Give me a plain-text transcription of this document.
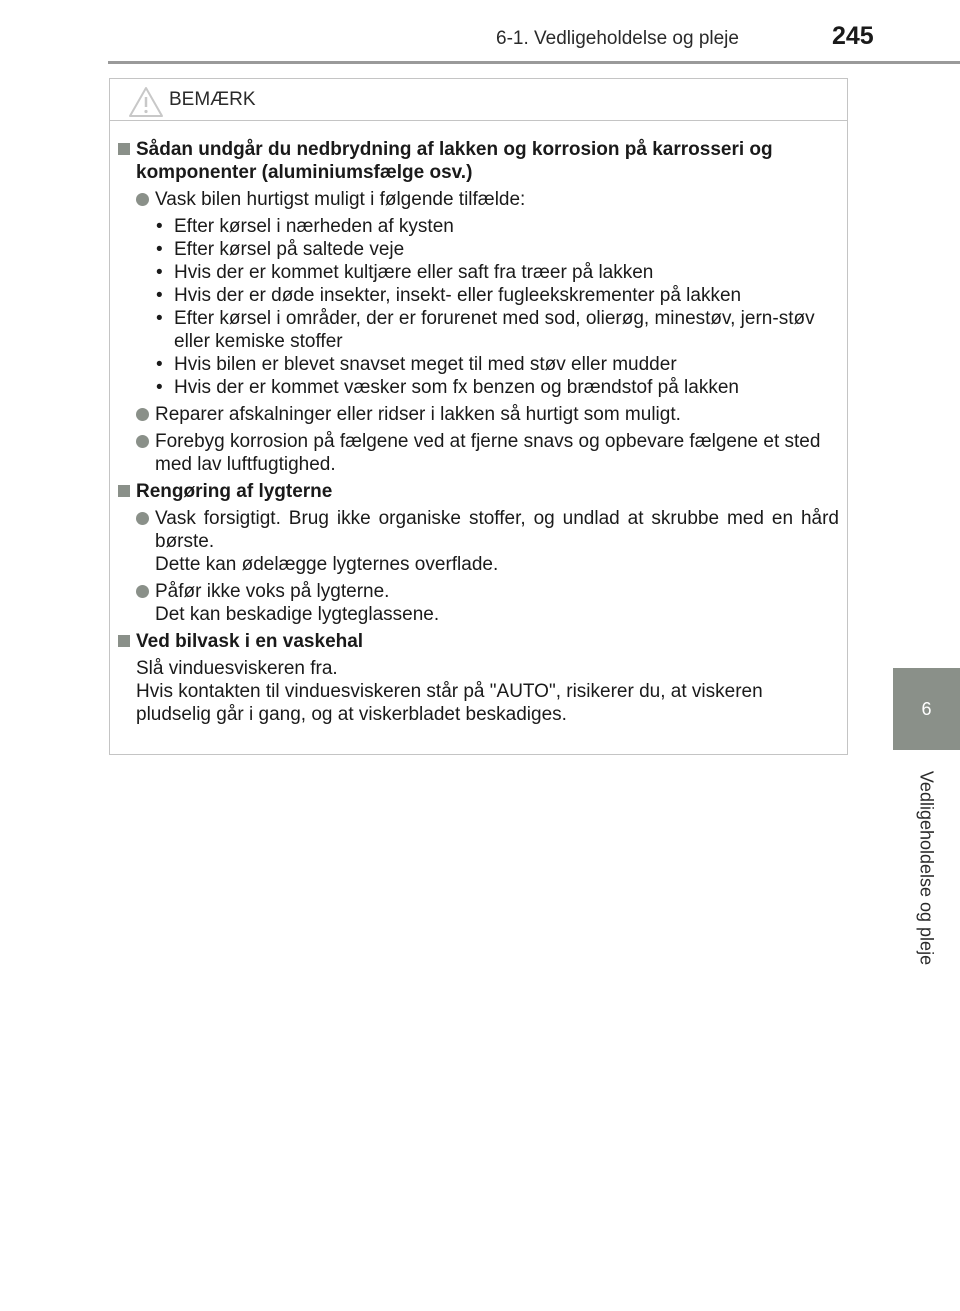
6-1. Vedligeholdelse og pleje	245
6
Vedligeholdelse og pleje
BEMÆRK
Sådan undgår du nedbrydning af lakken og korrosion på karrosseri og komponenter (aluminiumsfælge osv.)
Vask bilen hurtigst muligt i følgende tilfælde:
• Efter kørsel i nærheden af kysten
• Efter kørsel på saltede veje
• Hvis der er kommet kultjære eller saft fra træer på lakken
• Hvis der er døde insekter, insekt- eller fugleekskrementer på lakken
• Efter kørsel i områder, der er forurenet med sod, olierøg, minestøv, jern-støv eller kemiske stoffer
• Hvis bilen er blevet snavset meget til med støv eller mudder
• Hvis der er kommet væsker som fx benzen og brændstof på lakken
Reparer afskalninger eller ridser i lakken så hurtigt som muligt.
Forebyg korrosion på fælgene ved at fjerne snavs og opbevare fælgene et sted med lav luftfugtighed.
Rengøring af lygterne
Vask forsigtigt. Brug ikke organiske stoffer, og undlad at skrubbe med en hård børste.
Dette kan ødelægge lygternes overflade.
Påfør ikke voks på lygterne.
Det kan beskadige lygteglassene.
Ved bilvask i en vaskehal
Slå vinduesviskeren fra.
Hvis kontakten til vinduesviskeren står på "AUTO", risikerer du, at viskeren pludselig går i gang, og at viskerbladet beskadiges.
